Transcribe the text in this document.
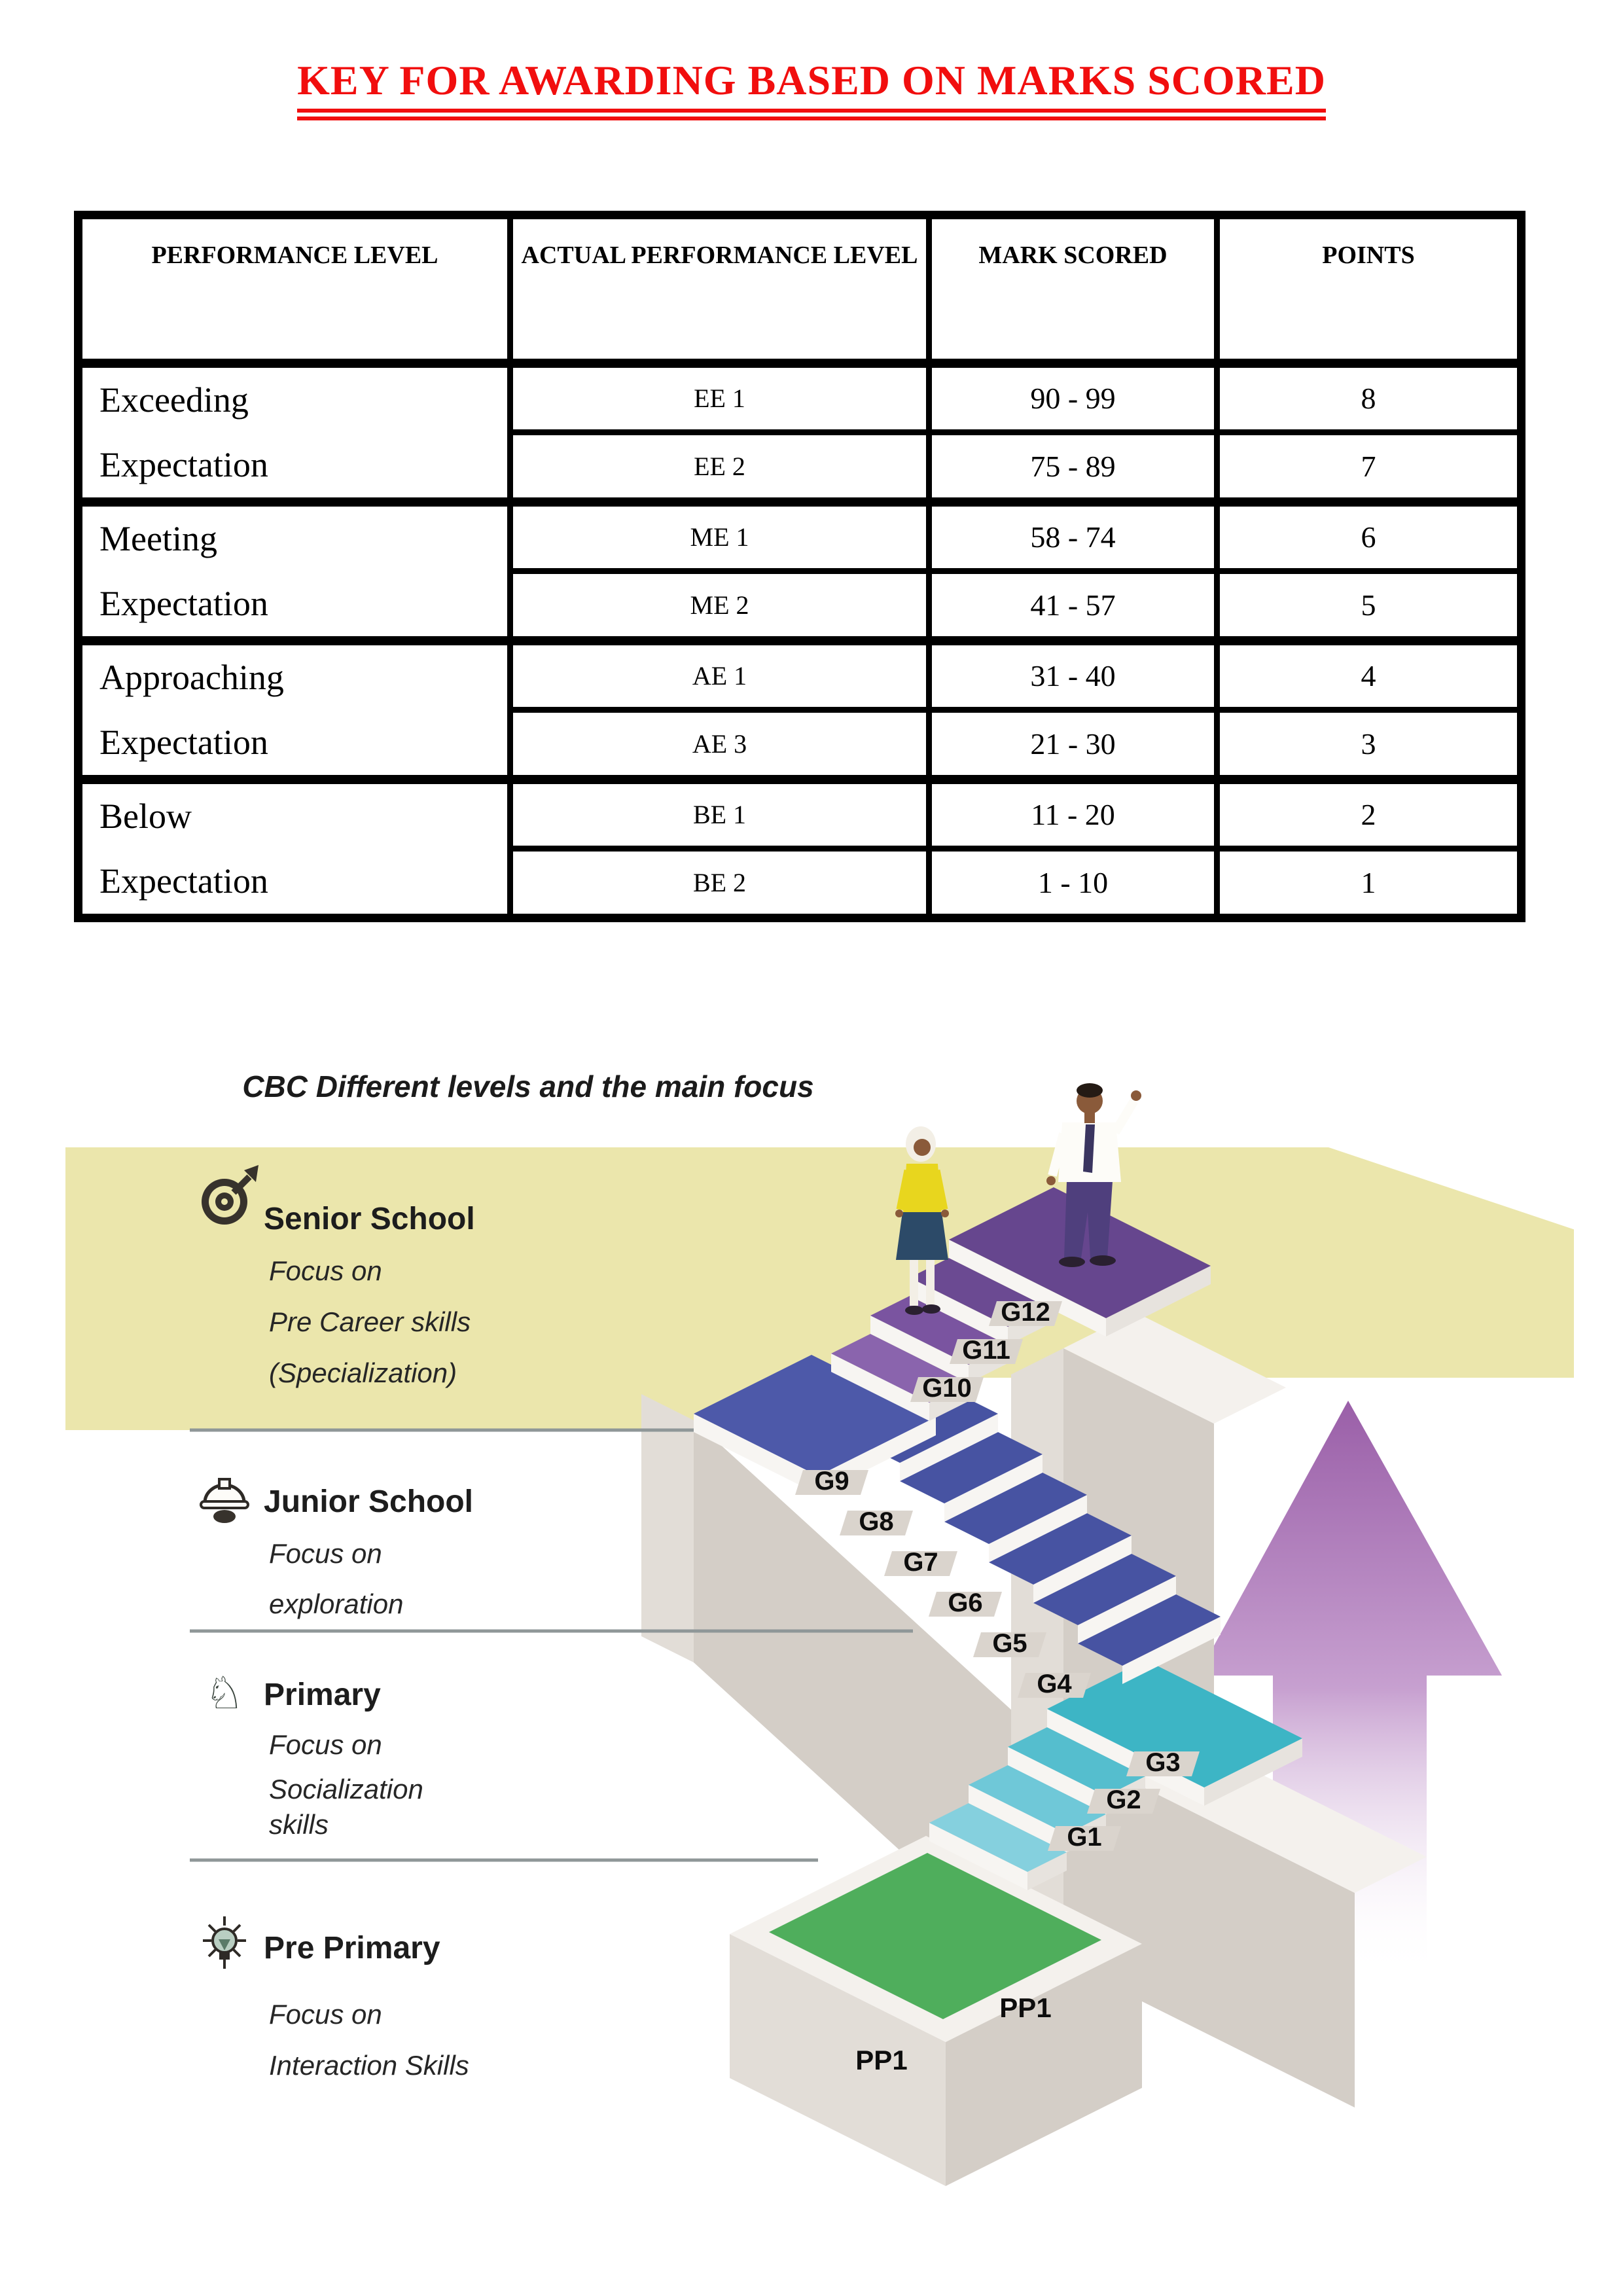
KEY FOR AWARDING BASED ON MARKS SCORED
PERFORMANCE LEVEL	ACTUAL PERFORMANCE LEVEL	MARK SCORED	POINTS

Exceeding
Expectation	EE 1	90 - 99	8
	EE 2	75 - 89	7

Meeting
Expectation	ME 1	58 - 74	6
	ME 2	41 - 57	5

Approaching
Expectation	AE 1	31 - 40	4
	AE 3	21 - 30	3

Below
Expectation	BE 1	11 - 20	2
	BE 2	1 - 10	1
CBC Different levels and the main focus
Senior School
Focus on
Pre Career skills
(Specialization)
Junior School
Focus on
exploration
♘ Primary
Focus on
Socialization
skills
Pre Primary
Focus on
Interaction Skills
G1
G2
G3
G4
G5
G6
G7
G8
G9
G10
G11
G12
PP1
PP1
